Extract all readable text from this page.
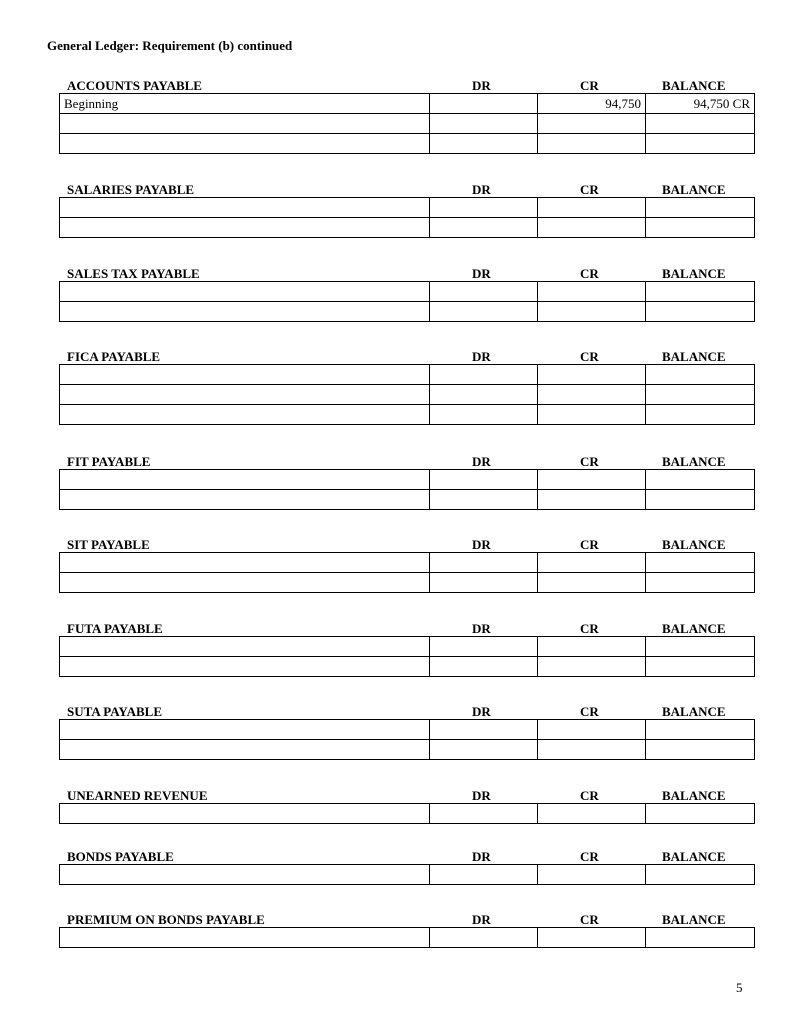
General Ledger: Requirement (b) continued
ACCOUNTS PAYABLE	DR	CR	BALANCE
Beginning		94,750	94,750 CR

SALARIES PAYABLE	DR	CR	BALANCE

SALES TAX PAYABLE	DR	CR	BALANCE

FICA PAYABLE	DR	CR	BALANCE

FIT PAYABLE	DR	CR	BALANCE

SIT PAYABLE	DR	CR	BALANCE

FUTA PAYABLE	DR	CR	BALANCE

SUTA PAYABLE	DR	CR	BALANCE

UNEARNED REVENUE	DR	CR	BALANCE

BONDS PAYABLE	DR	CR	BALANCE

PREMIUM ON BONDS PAYABLE	DR	CR	BALANCE

5
